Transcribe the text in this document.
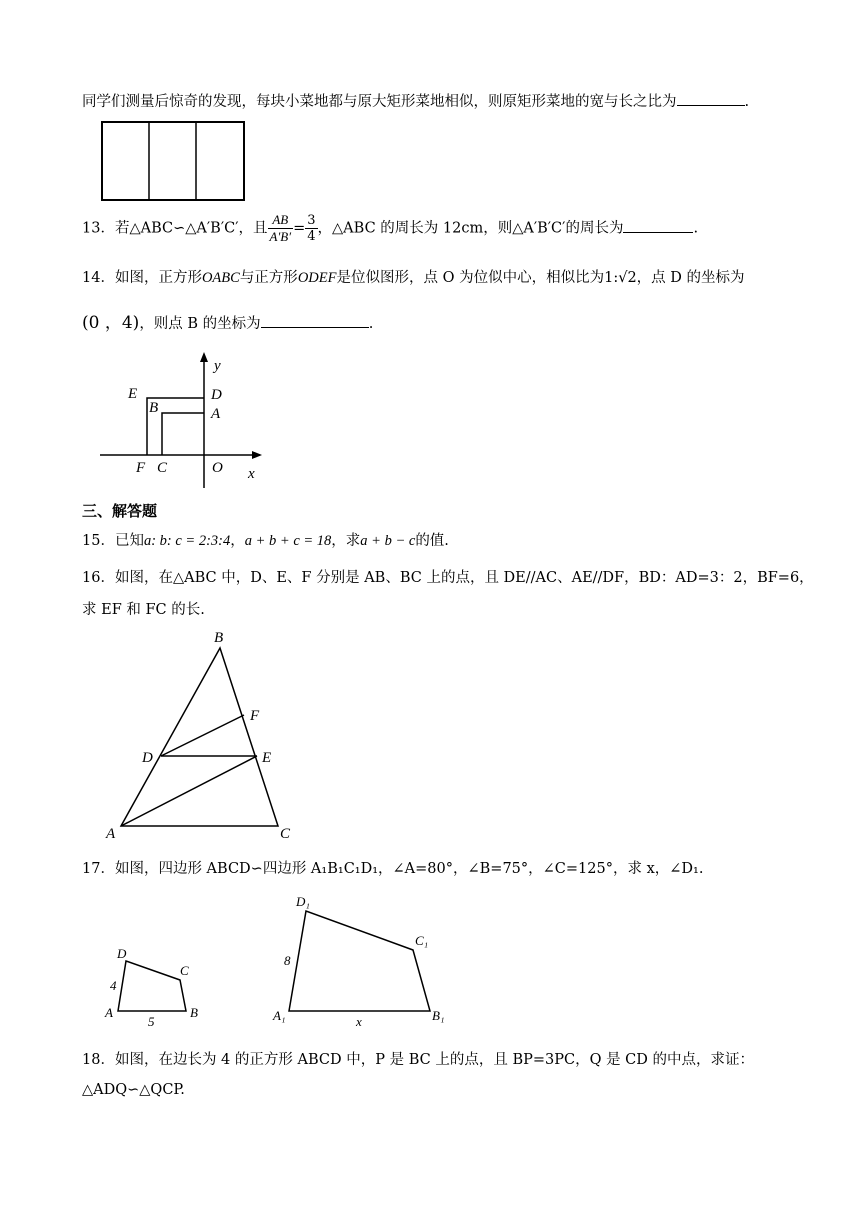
同学们测量后惊奇的发现，每块小菜地都与原大矩形菜地相似，则原矩形菜地的宽与长之比为	.
13．若△ABC∽△A′B′C′，且 $\frac{AB}{A'B'} = \frac{3}{4}$ ，△ABC 的周长为 12cm，则△A′B′C′的周长为	.
14．如图，正方形OABC与正方形ODEF是位似图形，点 O 为位似中心，相似比为1:√2，点 D 的坐标为
(0 ，4)，则点 B 的坐标为	.
y
E	D
B	A
F C	O x
三、解答题
15．已知a: b: c = 2:3:4，a + b + c = 18，求a + b − c的值.
16．如图，在△ABC 中，D、E、F 分别是 AB、BC 上的点，且 DE//AC、AE//DF，BD：AD=3：2，BF=6，
求 EF 和 FC 的长.
B
F
D	E
A	C
17．如图，四边形 ABCD∽四边形 A₁B₁C₁D₁，∠A=80°，∠B=75°，∠C=125°，求 x，∠D₁.
D
C
A	B
4
5
D₁
C₁
A₁	B₁
8
x
18．如图，在边长为 4 的正方形 ABCD 中，P 是 BC 上的点，且 BP=3PC，Q 是 CD 的中点，求证：
△ADQ∽△QCP.
